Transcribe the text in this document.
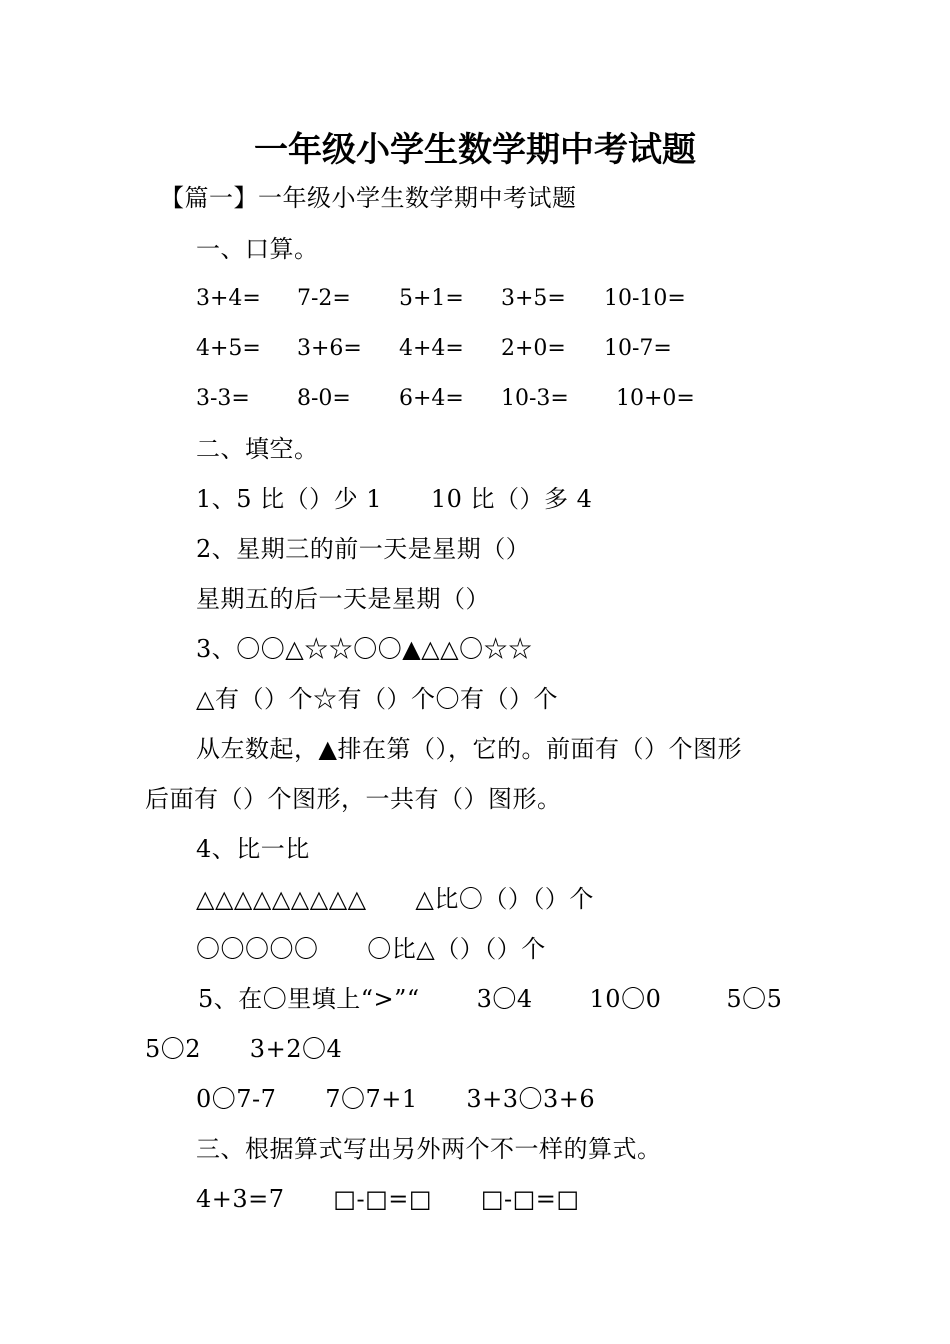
一年级小学生数学期中考试题
【篇一】一年级小学生数学期中考试题
一、口算。

3+4=

7-2=

5+1=

3+5=

10-10=

4+5=

3+6=

4+4=

2+0=

10-7=

3-3=

8-0=

6+4=

10-3=

10+0=

二、填空。
1、5 比（）少 1      10 比（）多 4
2、星期三的前一天是星期（）
星期五的后一天是星期（）
3、〇〇△☆☆〇〇▲△△〇☆☆
△有（）个☆有（）个〇有（）个
从左数起，▲排在第（），它的。前面有（）个图形
后面有（）个图形，一共有（）图形。
4、比一比
△△△△△△△△△      △比〇（）（）个
〇〇〇〇〇      〇比△（）（）个
5、在〇里填上“>”“       3〇4       10〇0        5〇5
5〇2      3+2〇4
0〇7-7      7〇7+1      3+3〇3+6
三、根据算式写出另外两个不一样的算式。
4+3=7      □-□=□      □-□=□
